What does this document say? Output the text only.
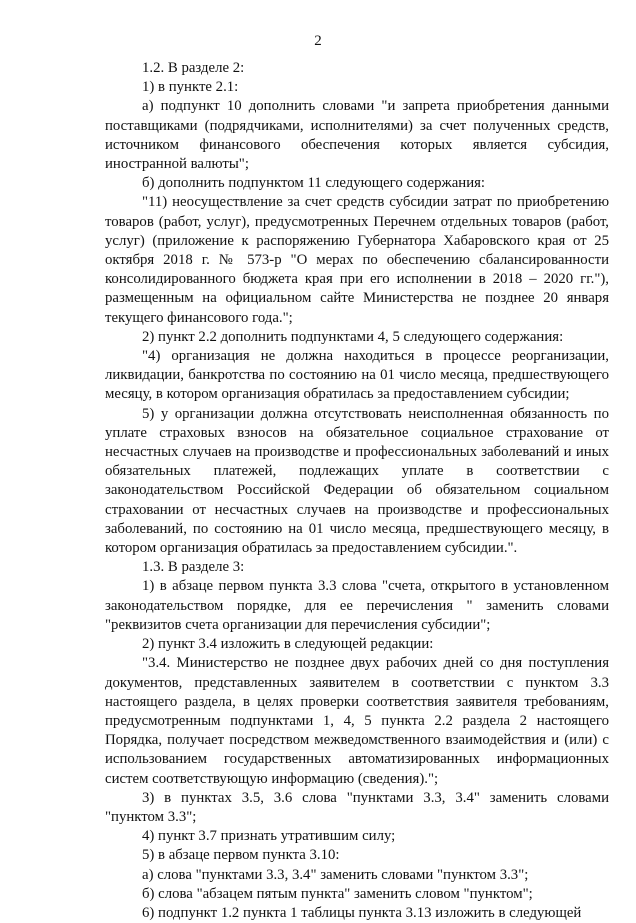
2

1.2. В разделе 2:

1) в пункте 2.1:

а) подпункт 10 дополнить словами "и запрета приобретения данными поставщиками (подрядчиками, исполнителями) за счет полученных средств, источником финансового обеспечения которых является субсидия, иностранной валюты";

б) дополнить подпунктом 11 следующего содержания:

"11) неосуществление за счет средств субсидии затрат по приобретению товаров (работ, услуг), предусмотренных Перечнем отдельных товаров (работ, услуг) (приложение к распоряжению Губернатора Хабаровского края от 25 октября 2018 г. № 573-р "О мерах по обеспечению сбалансированности консолидированного бюджета края при его исполнении в 2018 – 2020 гг."), размещенным на официальном сайте Министерства не позднее 20 января текущего финансового года.";

2) пункт 2.2 дополнить подпунктами 4, 5 следующего содержания:

"4) организация не должна находиться в процессе реорганизации, ликвидации, банкротства по состоянию на 01 число месяца, предшествующего месяцу, в котором организация обратилась за предоставлением субсидии;

5) у организации должна отсутствовать неисполненная обязанность по уплате страховых взносов на обязательное социальное страхование от несчастных случаев на производстве и профессиональных заболеваний и иных обязательных платежей, подлежащих уплате в соответствии с законодательством Российской Федерации об обязательном социальном страховании от несчастных случаев на производстве и профессиональных заболеваний, по состоянию на 01 число месяца, предшествующего месяцу, в котором организация обратилась за предоставлением субсидии.".

1.3. В разделе 3:

1) в абзаце первом пункта 3.3 слова "счета, открытого в установленном законодательством порядке, для ее перечисления " заменить словами "реквизитов счета организации для перечисления субсидии";

2) пункт 3.4 изложить в следующей редакции:

"3.4. Министерство не позднее двух рабочих дней со дня поступления документов, представленных заявителем в соответствии с пунктом 3.3 настоящего раздела, в целях проверки соответствия заявителя требованиям, предусмотренным подпунктами 1, 4, 5 пункта 2.2 раздела 2 настоящего Порядка, получает посредством межведомственного взаимодействия и (или) с использованием государственных автоматизированных информационных систем соответствующую информацию (сведения).";

3) в пунктах 3.5, 3.6 слова "пунктами 3.3, 3.4" заменить словами "пунктом 3.3";

4) пункт 3.7 признать утратившим силу;

5) в абзаце первом пункта 3.10:

а) слова "пунктами 3.3, 3.4" заменить словами "пунктом 3.3";

б) слова "абзацем пятым пункта" заменить словом "пунктом";

6) подпункт 1.2 пункта 1 таблицы пункта 3.13 изложить в следующей
